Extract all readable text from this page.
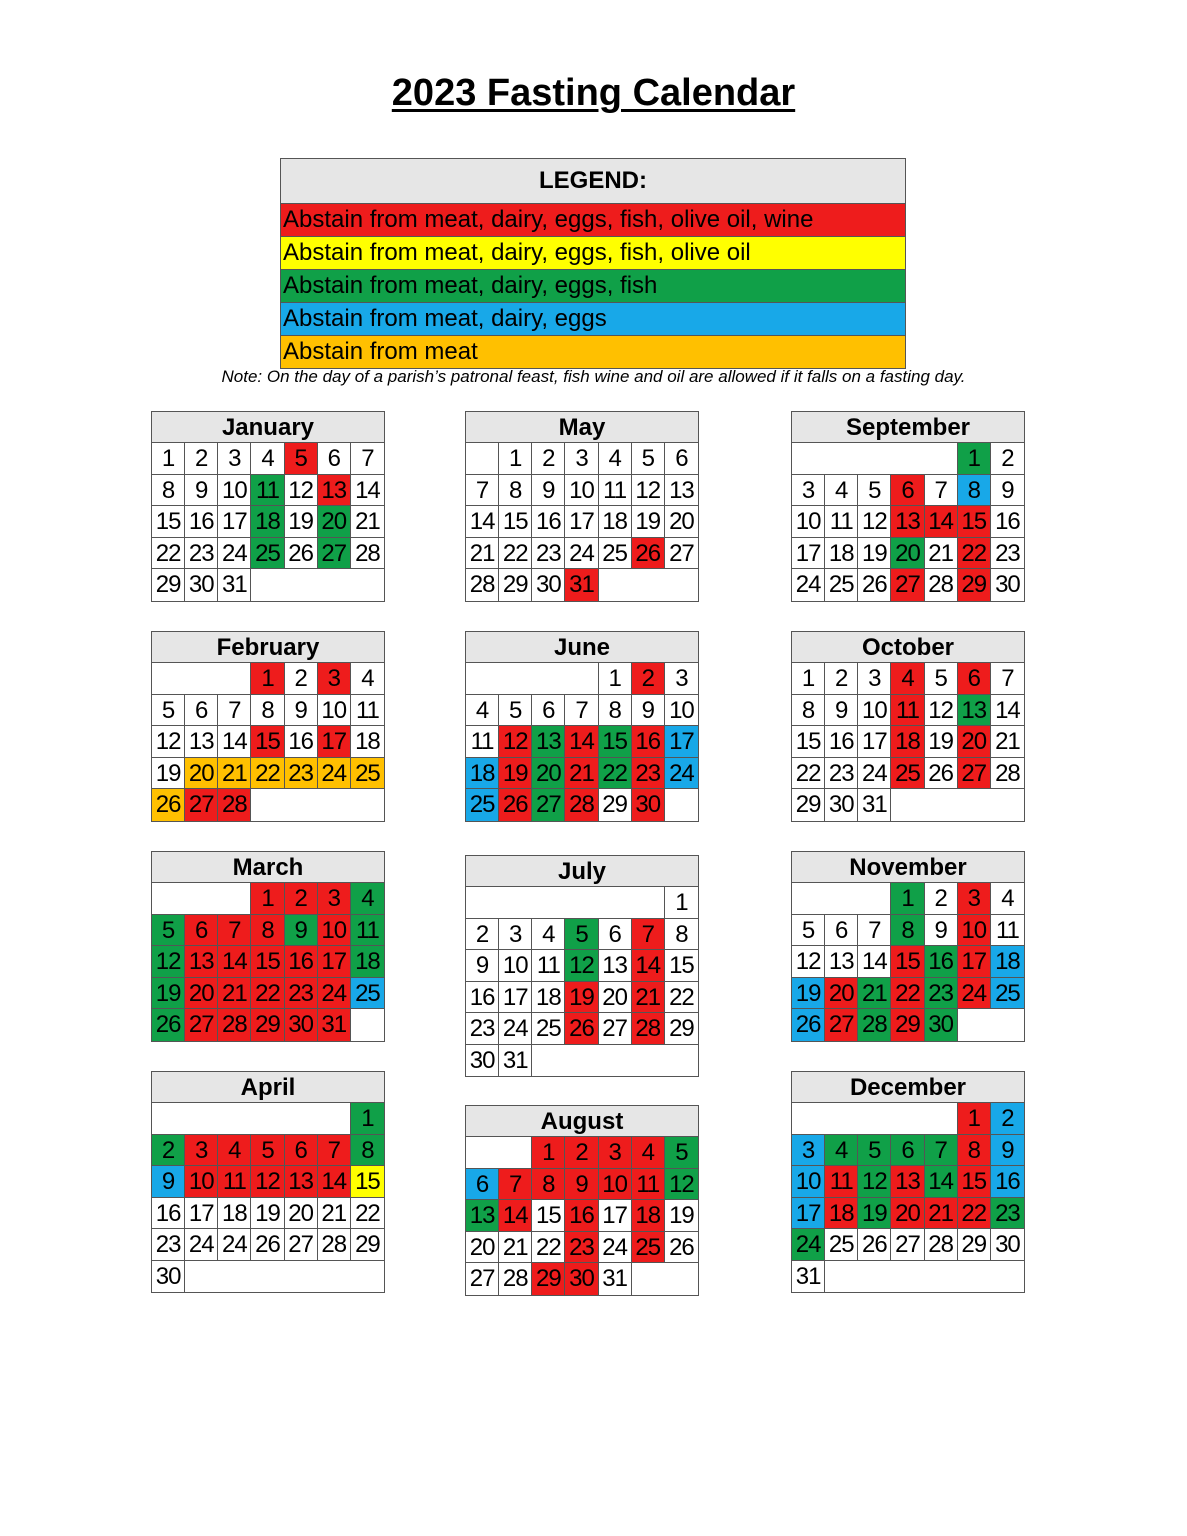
2023 Fasting Calendar
LEGEND:
Abstain from meat, dairy, eggs, fish, olive oil, wine
Abstain from meat, dairy, eggs, fish, olive oil
Abstain from meat, dairy, eggs, fish
Abstain from meat, dairy, eggs
Abstain from meat
Note: On the day of a parish’s patronal feast, fish wine and oil are allowed if it falls on a fasting day.
January
1 2 3 4 5 6 7
8 9 10 11 12 13 14
15 16 17 18 19 20 21
22 23 24 25 26 27 28
29 30 31
February
1 2 3 4
5 6 7 8 9 10 11
12 13 14 15 16 17 18
19 20 21 22 23 24 25
26 27 28
March
1 2 3 4
5 6 7 8 9 10 11
12 13 14 15 16 17 18
19 20 21 22 23 24 25
26 27 28 29 30 31
April
1
2 3 4 5 6 7 8
9 10 11 12 13 14 15
16 17 18 19 20 21 22
23 24 24 26 27 28 29
30
May
1 2 3 4 5 6
7 8 9 10 11 12 13
14 15 16 17 18 19 20
21 22 23 24 25 26 27
28 29 30 31
June
1 2 3
4 5 6 7 8 9 10
11 12 13 14 15 16 17
18 19 20 21 22 23 24
25 26 27 28 29 30
July
1
2 3 4 5 6 7 8
9 10 11 12 13 14 15
16 17 18 19 20 21 22
23 24 25 26 27 28 29
30 31
August
1 2 3 4 5
6 7 8 9 10 11 12
13 14 15 16 17 18 19
20 21 22 23 24 25 26
27 28 29 30 31
September
1 2
3 4 5 6 7 8 9
10 11 12 13 14 15 16
17 18 19 20 21 22 23
24 25 26 27 28 29 30
October
1 2 3 4 5 6 7
8 9 10 11 12 13 14
15 16 17 18 19 20 21
22 23 24 25 26 27 28
29 30 31
November
1 2 3 4
5 6 7 8 9 10 11
12 13 14 15 16 17 18
19 20 21 22 23 24 25
26 27 28 29 30
December
1 2
3 4 5 6 7 8 9
10 11 12 13 14 15 16
17 18 19 20 21 22 23
24 25 26 27 28 29 30
31
